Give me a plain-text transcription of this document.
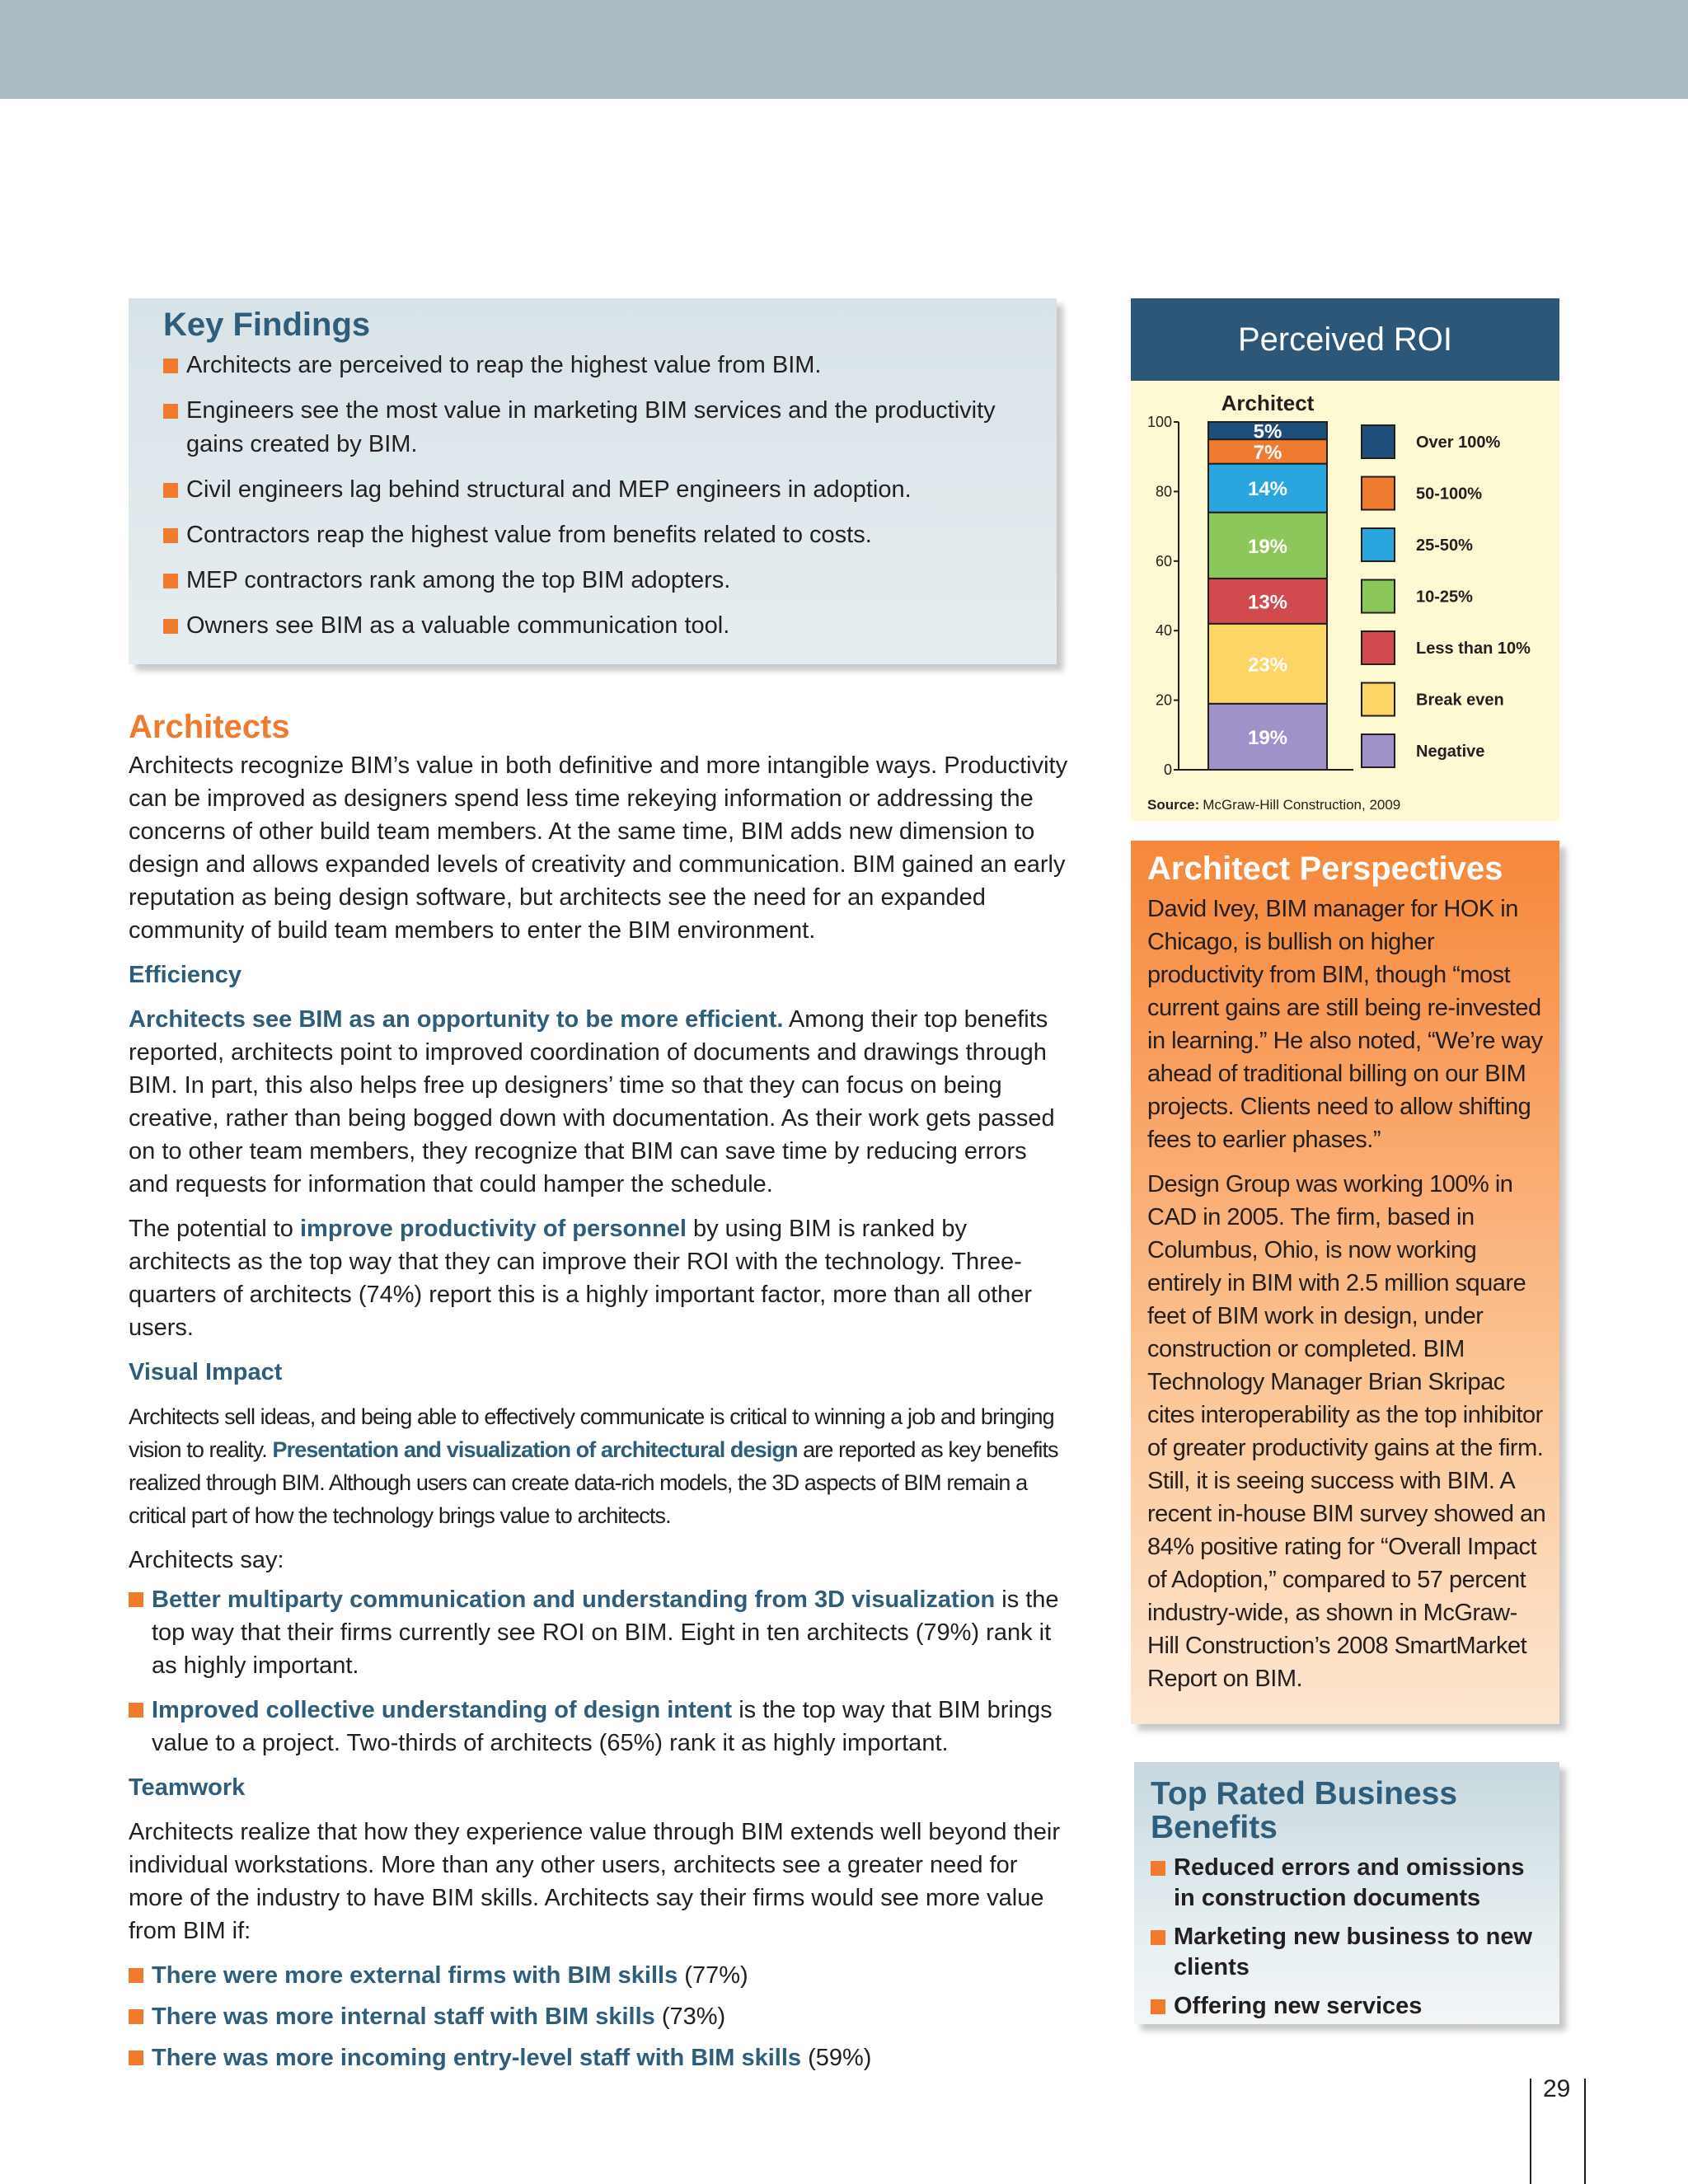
Key Findings
Architects are perceived to reap the highest value from BIM.
Engineers see the most value in marketing BIM services and the productivity gains created by BIM.
Civil engineers lag behind structural and MEP engineers in adoption.
Contractors reap the highest value from benefits related to costs.
MEP contractors rank among the top BIM adopters.
Owners see BIM as a valuable communication tool.
Architects

Architects recognize BIM’s value in both definitive and more intangible ways. Productivity can be improved as designers spend less time rekeying information or addressing the concerns of other build team members. At the same time, BIM adds new dimension to design and allows expanded levels of creativity and communication. BIM gained an early reputation as being design software, but architects see the need for an expanded community of build team members to enter the BIM environment.

Efficiency

Architects see BIM as an opportunity to be more efficient. Among their top benefits reported, architects point to improved coordination of documents and drawings through BIM. In part, this also helps free up designers’ time so that they can focus on being creative, rather than being bogged down with documentation. As their work gets passed on to other team members, they recognize that BIM can save time by reducing errors and requests for information that could hamper the schedule.

The potential to improve productivity of personnel by using BIM is ranked by architects as the top way that they can improve their ROI with the technology. Three-quarters of architects (74%) report this is a highly important factor, more than all other users.

Visual Impact

Architects sell ideas, and being able to effectively communicate is critical to winning a job and bringing vision to reality. Presentation and visualization of architectural design are reported as key benefits realized through BIM. Although users can create data-rich models, the 3D aspects of BIM remain a critical part of how the technology brings value to architects.

Architects say:

Better multiparty communication and understanding from 3D visualization is the top way that their firms currently see ROI on BIM. Eight in ten architects (79%) rank it as highly important.
Improved collective understanding of design intent is the top way that BIM brings value to a project. Two-thirds of architects (65%) rank it as highly important.
Teamwork

Architects realize that how they experience value through BIM extends well beyond their individual workstations. More than any other users, architects see a greater need for more of the industry to have BIM skills. Architects say their firms would see more value from BIM if:

There were more external firms with BIM skills (77%)
There was more internal staff with BIM skills (73%)
There was more incoming entry-level staff with BIM skills (59%)
Perceived ROI
Architect
Source: McGraw-Hill Construction, 2009
0
20
40
60
80
100
19%
23%
13%
19%
14%
7%
5%	Over 100%
50-100%
25-50%
10-25%
Less than 10%
Break even
Negative
Architect Perspectives

David Ivey, BIM manager for HOK in Chicago, is bullish on higher productivity from BIM, though “most current gains are still being re-invested in learning.” He also noted, “We’re way ahead of traditional billing on our BIM projects. Clients need to allow shifting fees to earlier phases.”

Design Group was working 100% in CAD in 2005. The firm, based in Columbus, Ohio, is now working entirely in BIM with 2.5 million square feet of BIM work in design, under construction or completed. BIM Technology Manager Brian Skripac cites interoperability as the top inhibitor of greater productivity gains at the firm. Still, it is seeing success with BIM. A recent in-house BIM survey showed an 84% positive rating for “Overall Impact of Adoption,” compared to 57 percent industry-wide, as shown in McGraw-Hill Construction’s 2008 SmartMarket Report on BIM.

Top Rated Business Benefits
Reduced errors and omissions in construction documents
Marketing new business to new clients
Offering new services
29
